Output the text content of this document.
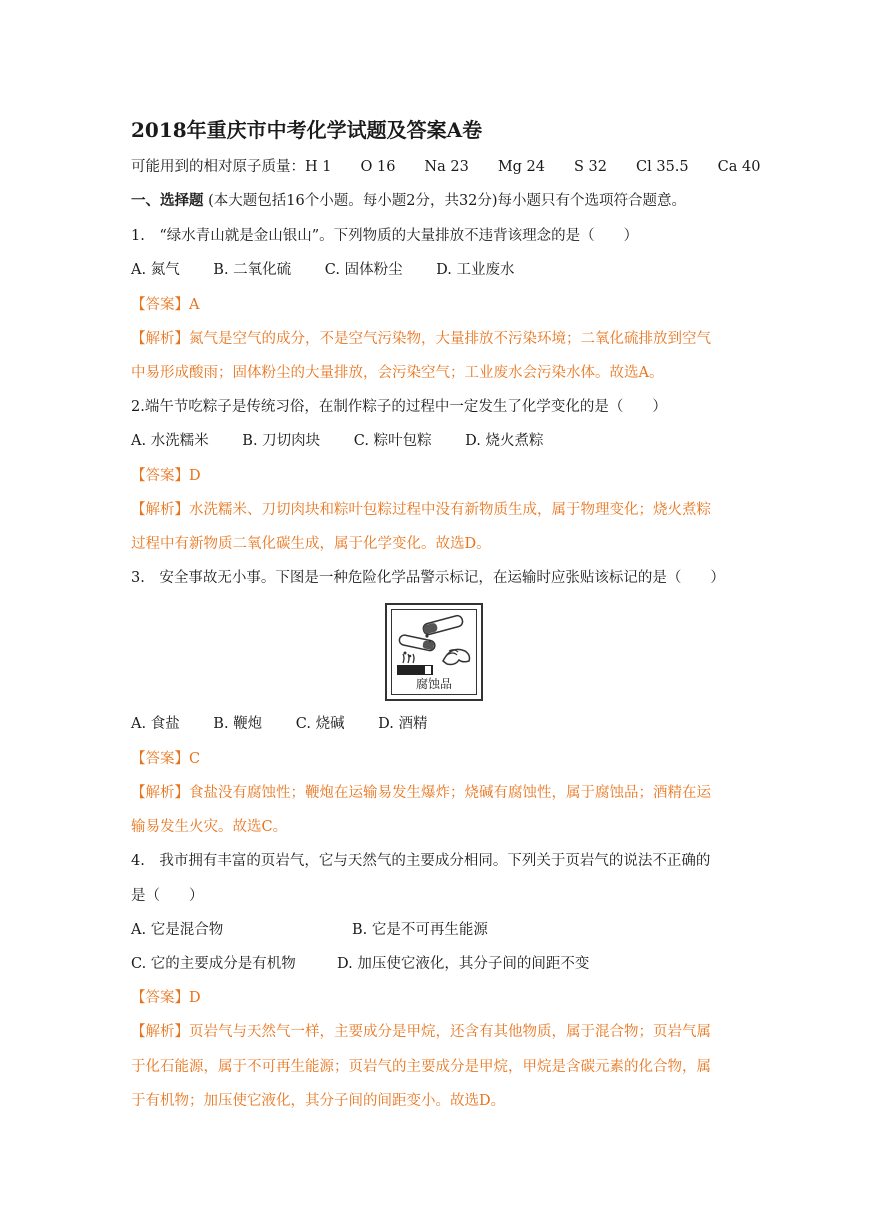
2018年重庆市中考化学试题及答案A卷
可能用到的相对原子质量：H 1　　O 16　　Na 23　　Mg 24　　S 32　　Cl 35.5　　Ca 40
一、选择题 (本大题包括16个小题。每小题2分，共32分)每小题只有个选项符合题意。
1.　“绿水青山就是金山银山”。下列物质的大量排放不违背该理念的是（　　）
A. 氮气　　 B. 二氧化硫　　 C. 固体粉尘　　 D. 工业废水
【答案】A
【解析】氮气是空气的成分，不是空气污染物，大量排放不污染环境；二氧化硫排放到空气
中易形成酸雨；固体粉尘的大量排放，会污染空气；工业废水会污染水体。故选A。
2.端午节吃粽子是传统习俗，在制作粽子的过程中一定发生了化学变化的是（　　）
A. 水洗糯米　　 B. 刀切肉块　　 C. 粽叶包粽　　 D. 烧火煮粽
【答案】D
【解析】水洗糯米、刀切肉块和粽叶包粽过程中没有新物质生成，属于物理变化；烧火煮粽
过程中有新物质二氧化碳生成，属于化学变化。故选D。
3.　安全事故无小事。下图是一种危险化学品警示标记，在运输时应张贴该标记的是（　　）
腐蚀品
A. 食盐　　 B. 鞭炮　　 C. 烧碱　　 D. 酒精
【答案】C
【解析】食盐没有腐蚀性；鞭炮在运输易发生爆炸；烧碱有腐蚀性，属于腐蚀品；酒精在运
输易发生火灾。故选C。
4.　我市拥有丰富的页岩气，它与天然气的主要成分相同。下列关于页岩气的说法不正确的
是（　　）
A. 它是混合物	B. 它是不可再生能源
C. 它的主要成分是有机物	D. 加压使它液化，其分子间的间距不变
【答案】D
【解析】页岩气与天然气一样，主要成分是甲烷，还含有其他物质，属于混合物；页岩气属
于化石能源，属于不可再生能源；页岩气的主要成分是甲烷，甲烷是含碳元素的化合物，属
于有机物；加压使它液化，其分子间的间距变小。故选D。
